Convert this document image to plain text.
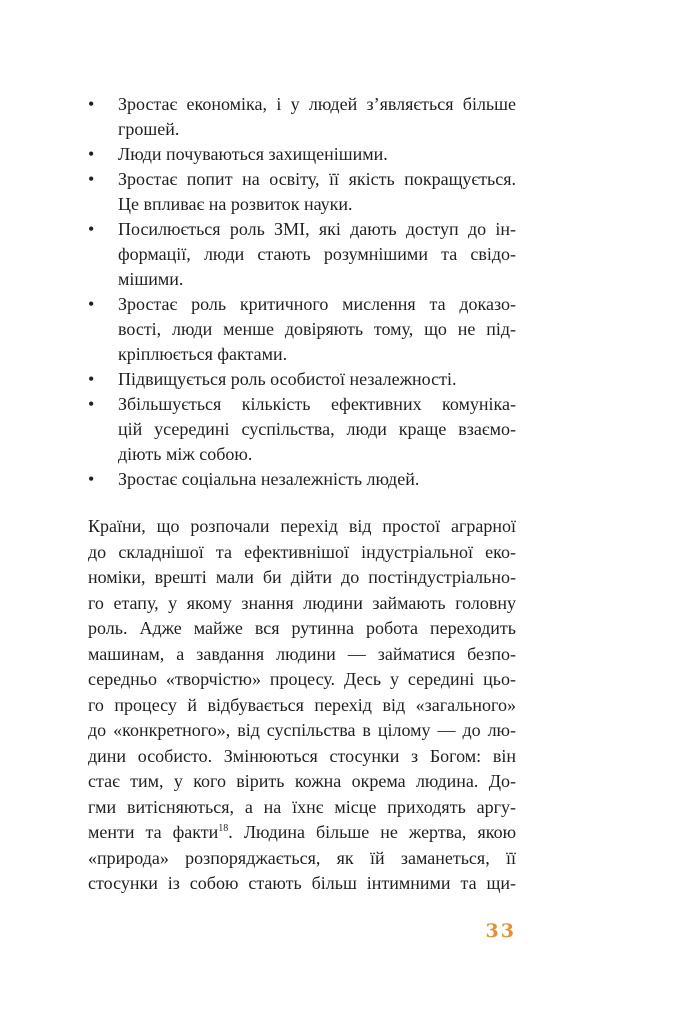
•	Зростає економіка, і у людей з’являється більше
грошей.
•	Люди почуваються захищенішими.
•	Зростає попит на освіту, її якість покращується.
Це впливає на розвиток науки.
•	Посилюється роль ЗМІ, які дають доступ до ін-
формації, люди стають розумнішими та свідо-
мішими.
•	Зростає роль критичного мислення та доказо-
вості, люди менше довіряють тому, що не під-
кріплюється фактами.
•	Підвищується роль особистої незалежності.
•	Збільшується кількість ефективних комуніка-
цій усередині суспільства, люди краще взаємо-
діють між собою.
•	Зростає соціальна незалежність людей.
Країни, що розпочали перехід від простої аграрної
до складнішої та ефективнішої індустріальної еко-
номіки, врешті мали би дійти до постіндустріально-
го етапу, у якому знання людини займають головну
роль. Адже майже вся рутинна робота переходить
машинам, а завдання людини — займатися безпо-
середньо «творчістю» процесу. Десь у середині цьо-
го процесу й відбувається перехід від «загального»
до «конкретного», від суспільства в цілому — до лю-
дини особисто. Змінюються стосунки з Богом: він
стає тим, у кого вірить кожна окрема людина. До-
гми витісняються, а на їхнє місце приходять аргу-
менти та факти$^{18}$. Людина більше не жертва, якою
«природа» розпоряджається, як їй заманеться, її
стосунки із собою стають більш інтимними та щи-
33
